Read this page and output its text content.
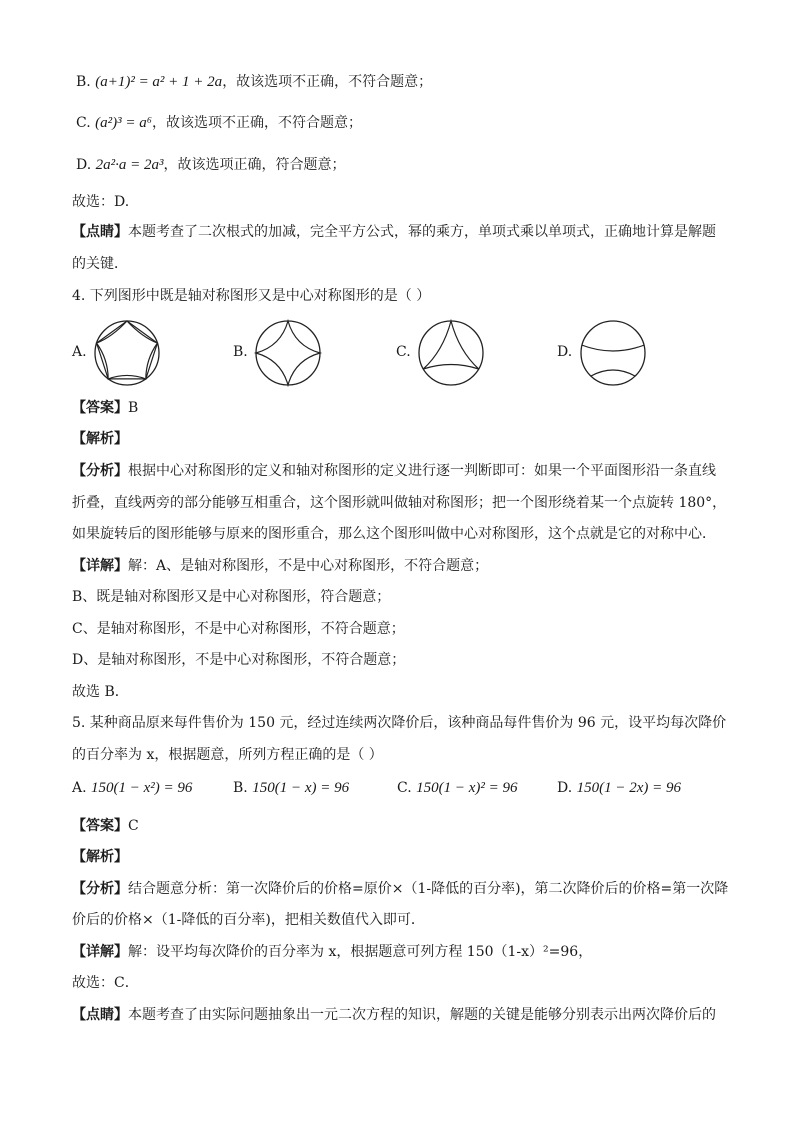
B. (a+1)² = a² + 1 + 2a，故该选项不正确，不符合题意；
C. (a²)³ = a⁶，故该选项不正确，不符合题意；
D. 2a²·a = 2a³，故该选项正确，符合题意；
故选：D.
【点睛】本题考查了二次根式的加减，完全平方公式，幂的乘方，单项式乘以单项式，正确地计算是解题
的关键．
4. 下列图形中既是轴对称图形又是中心对称图形的是（ ）
A.	B.	C.	D.
【答案】B
【解析】
【分析】根据中心对称图形的定义和轴对称图形的定义进行逐一判断即可：如果一个平面图形沿一条直线
折叠，直线两旁的部分能够互相重合，这个图形就叫做轴对称图形；把一个图形绕着某一个点旋转 180°，
如果旋转后的图形能够与原来的图形重合，那么这个图形叫做中心对称图形，这个点就是它的对称中心．
【详解】解：A、是轴对称图形，不是中心对称图形，不符合题意；
B、既是轴对称图形又是中心对称图形，符合题意；
C、是轴对称图形，不是中心对称图形，不符合题意；
D、是轴对称图形，不是中心对称图形，不符合题意；
故选 B．
5. 某种商品原来每件售价为 150 元，经过连续两次降价后，该种商品每件售价为 96 元，设平均每次降价
的百分率为 x，根据题意，所列方程正确的是（ ）
A. 150(1 − x²) = 96	B. 150(1 − x) = 96	C. 150(1 − x)² = 96	D. 150(1 − 2x) = 96
【答案】C
【解析】
【分析】结合题意分析：第一次降价后的价格=原价×（1-降低的百分率)，第二次降价后的价格=第一次降
价后的价格×（1-降低的百分率)，把相关数值代入即可．
【详解】解：设平均每次降价的百分率为 x，根据题意可列方程 150（1-x）²=96，
故选：C．
【点睛】本题考查了由实际问题抽象出一元二次方程的知识，解题的关键是能够分别表示出两次降价后的
